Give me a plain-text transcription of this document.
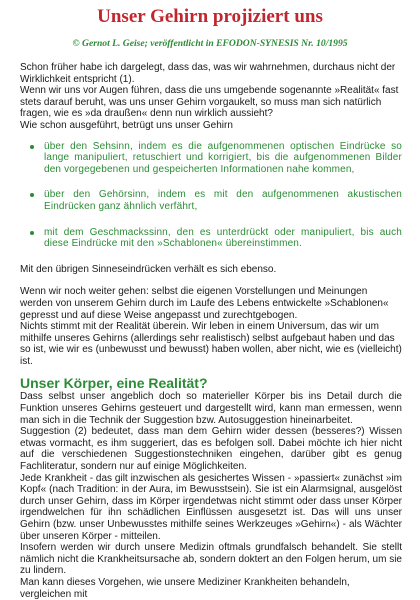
Unser Gehirn projiziert uns

© Gernot L. Geise; veröffentlicht in EFODON-SYNESIS Nr. 10/1995

Schon früher habe ich dargelegt, dass das, was wir wahrnehmen, durchaus nicht der Wirklichkeit entspricht (1).

Wenn wir uns vor Augen führen, dass die uns umgebende sogenannte »Realität« fast stets darauf beruht, was uns unser Gehirn vorgaukelt, so muss man sich natürlich fragen, wie es »da draußen« denn nun wirklich aussieht?

Wie schon ausgeführt, betrügt uns unser Gehirn

über den Sehsinn, indem es die aufgenommenen optischen Eindrücke so lange manipuliert, retuschiert und korrigiert, bis die aufgenommenen Bilder den vorgegebenen und gespeicherten Informationen nahe kommen,
über den Gehörsinn, indem es mit den aufgenommenen akustischen Eindrücken ganz ähnlich verfährt,
mit dem Geschmackssinn, den es unterdrückt oder manipuliert, bis auch diese Eindrücke mit den »Schablonen« übereinstimmen.

Mit den übrigen Sinneseindrücken verhält es sich ebenso.

Wenn wir noch weiter gehen: selbst die eigenen Vorstellungen und Meinungen werden von unserem Gehirn durch im Laufe des Lebens entwickelte »Schablonen« gepresst und auf diese Weise angepasst und zurechtgebogen.

Nichts stimmt mit der Realität überein. Wir leben in einem Universum, das wir um mithilfe unseres Gehirns (allerdings sehr realistisch) selbst aufgebaut haben und das so ist, wie wir es (unbewusst und bewusst) haben wollen, aber nicht, wie es (vielleicht) ist.

Unser Körper, eine Realität?

Dass selbst unser angeblich doch so materieller Körper bis ins Detail durch die Funktion unseres Gehirns gesteuert und dargestellt wird, kann man ermessen, wenn man sich in die Technik der Suggestion bzw. Autosuggestion hineinarbeitet.

Suggestion (2) bedeutet, dass man dem Gehirn wider dessen (besseres?) Wissen etwas vormacht, es ihm suggeriert, das es befolgen soll. Dabei möchte ich hier nicht auf die verschiedenen Suggestionstechniken eingehen, darüber gibt es genug Fachliteratur, sondern nur auf einige Möglichkeiten.

Jede Krankheit - das gilt inzwischen als gesichertes Wissen - »passiert« zunächst »im Kopf« (nach Tradition: in der Aura, im Bewusstsein). Sie ist ein Alarmsignal, ausgelöst durch unser Gehirn, dass im Körper irgendetwas nicht stimmt oder dass unser Körper irgendwelchen für ihn schädlichen Einflüssen ausgesetzt ist. Das will uns unser Gehirn (bzw. unser Unbewusstes mithilfe seines Werkzeuges »Gehirn«) - als Wächter über unseren Körper - mitteilen.

Insofern werden wir durch unsere Medizin oftmals grundfalsch behandelt. Sie stellt nämlich nicht die Krankheitsursache ab, sondern doktert an den Folgen herum, um sie zu lindern.

Man kann dieses Vorgehen, wie unsere Mediziner Krankheiten behandeln, vergleichen mit
